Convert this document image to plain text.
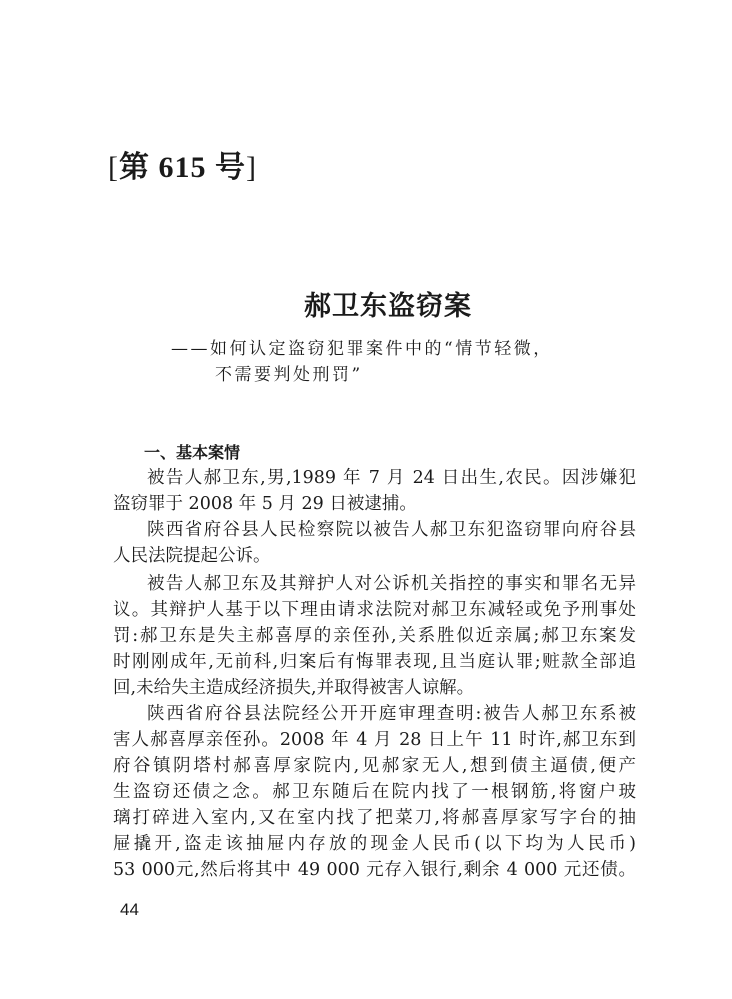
[第 615 号]
郝卫东盗窃案
——如何认定盗窃犯罪案件中的“情节轻微，
不需要判处刑罚”
一、基本案情
被告人郝卫东,男,1989 年 7 月 24 日出生,农民。因涉嫌犯
盗窃罪于 2008 年 5 月 29 日被逮捕。
陕西省府谷县人民检察院以被告人郝卫东犯盗窃罪向府谷县
人民法院提起公诉。
被告人郝卫东及其辩护人对公诉机关指控的事实和罪名无异
议。其辩护人基于以下理由请求法院对郝卫东减轻或免予刑事处
罚:郝卫东是失主郝喜厚的亲侄孙,关系胜似近亲属;郝卫东案发
时刚刚成年,无前科,归案后有悔罪表现,且当庭认罪;赃款全部追
回,未给失主造成经济损失,并取得被害人谅解。
陕西省府谷县法院经公开开庭审理查明:被告人郝卫东系被
害人郝喜厚亲侄孙。2008 年 4 月 28 日上午 11 时许,郝卫东到
府谷镇阴塔村郝喜厚家院内,见郝家无人,想到债主逼债,便产
生盗窃还债之念。郝卫东随后在院内找了一根钢筋,将窗户玻
璃打碎进入室内,又在室内找了把菜刀,将郝喜厚家写字台的抽
屉撬开,盗走该抽屉内存放的现金人民币(以下均为人民币)
53 000元,然后将其中 49 000 元存入银行,剩余 4 000 元还债。
44
